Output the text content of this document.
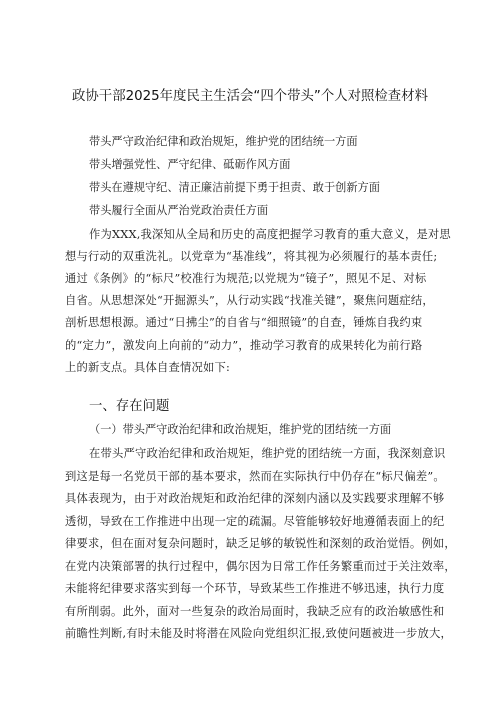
政协干部2025年度民主生活会“四个带头”个人对照检查材料
带头严守政治纪律和政治规矩，维护党的团结统一方面
带头增强党性、严守纪律、砥砺作风方面
带头在遵规守纪、清正廉洁前提下勇于担责、敢于创新方面
带头履行全面从严治党政治责任方面
作为XXX,我深知从全局和历史的高度把握学习教育的重大意义，是对思
想与行动的双重洗礼。以党章为“基准线”，将其视为必须履行的基本责任;
通过《条例》的“标尺”校准行为规范;以党规为“镜子”，照见不足、对标
自省。从思想深处“开掘源头”，从行动实践“找准关键”，聚焦问题症结，
剖析思想根源。通过“日拂尘”的自省与“细照镜”的自查，锤炼自我约束
的“定力”，激发向上向前的“动力”，推动学习教育的成果转化为前行路
上的新支点。具体自查情况如下:
一、存在问题
（一）带头严守政治纪律和政治规矩，维护党的团结统一方面
在带头严守政治纪律和政治规矩，维护党的团结统一方面，我深刻意识
到这是每一名党员干部的基本要求，然而在实际执行中仍存在“标尺偏差”。
具体表现为，由于对政治规矩和政治纪律的深刻内涵以及实践要求理解不够
透彻，导致在工作推进中出现一定的疏漏。尽管能够较好地遵循表面上的纪
律要求，但在面对复杂问题时，缺乏足够的敏锐性和深刻的政治觉悟。例如，
在党内决策部署的执行过程中，偶尔因为日常工作任务繁重而过于关注效率，
未能将纪律要求落实到每一个环节，导致某些工作推进不够迅速，执行力度
有所削弱。此外，面对一些复杂的政治局面时，我缺乏应有的政治敏感性和
前瞻性判断,有时未能及时将潜在风险向党组织汇报,致使问题被进一步放大，
